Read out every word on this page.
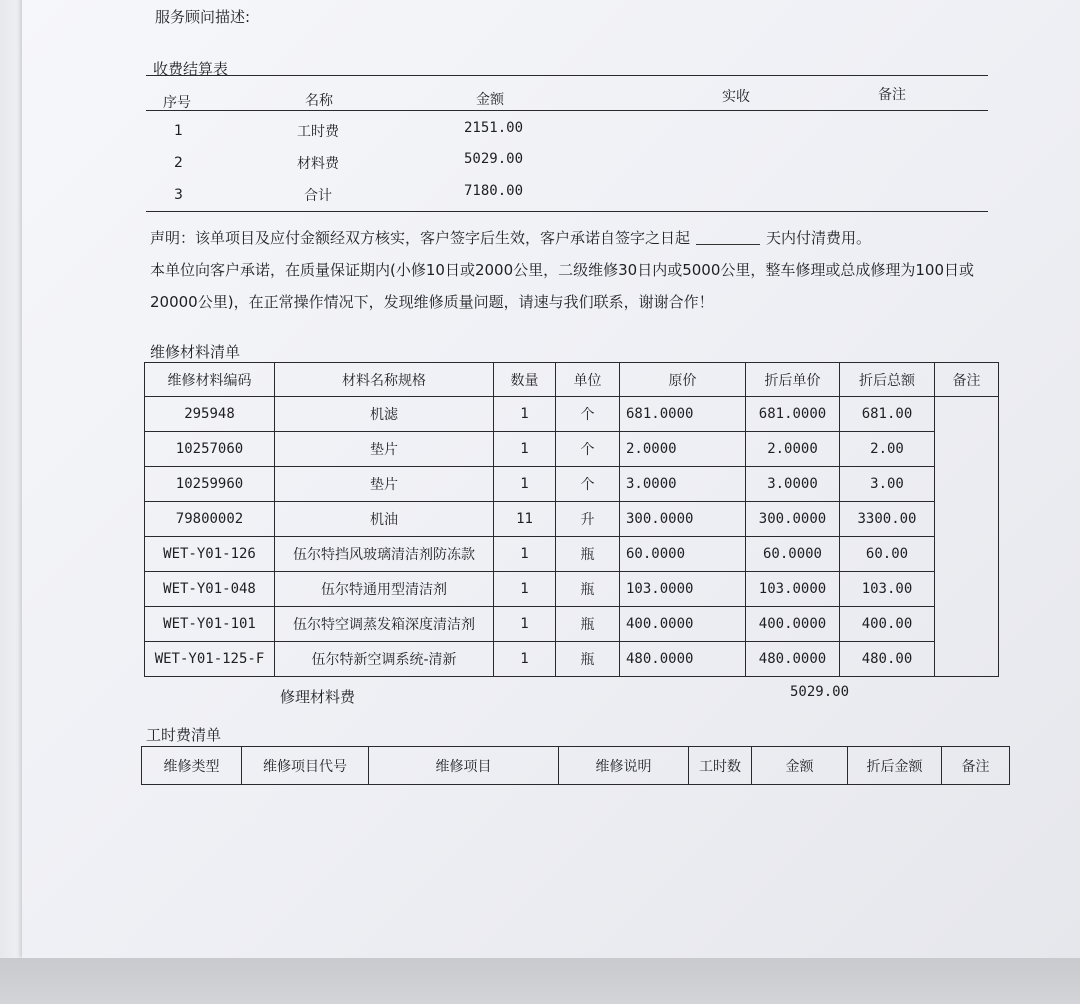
服务顾问描述:
收费结算表
序号	名称	金额	实收	备注
1	工时费	2151.00
2	材料费	5029.00
3	合计	7180.00
声明：该单项目及应付金额经双方核实，客户签字后生效，客户承诺自签字之日起	天内付清费用。
本单位向客户承诺，在质量保证期内(小修10日或2000公里，二级维修30日内或5000公里，整车修理或总成修理为100日或
20000公里)，在正常操作情况下，发现维修质量问题，请速与我们联系，谢谢合作！
维修材料清单
维修材料编码	材料名称规格	数量	单位	原价	折后单价	折后总额	备注
295948	机滤	1	个	681.0000	681.0000	681.00	
10257060	垫片	1	个	2.0000	2.0000	2.00	
10259960	垫片	1	个	3.0000	3.0000	3.00	
79800002	机油	11	升	300.0000	300.0000	3300.00	
WET-Y01-126	伍尔特挡风玻璃清洁剂防冻款	1	瓶	60.0000	60.0000	60.00	
WET-Y01-048	伍尔特通用型清洁剂	1	瓶	103.0000	103.0000	103.00	
WET-Y01-101	伍尔特空调蒸发箱深度清洁剂	1	瓶	400.0000	400.0000	400.00	
WET-Y01-125-F	伍尔特新空调系统-清新	1	瓶	480.0000	480.0000	480.00	
修理材料费	5029.00
工时费清单
维修类型	维修项目代号	维修项目	维修说明	工时数	金额	折后金额	备注
